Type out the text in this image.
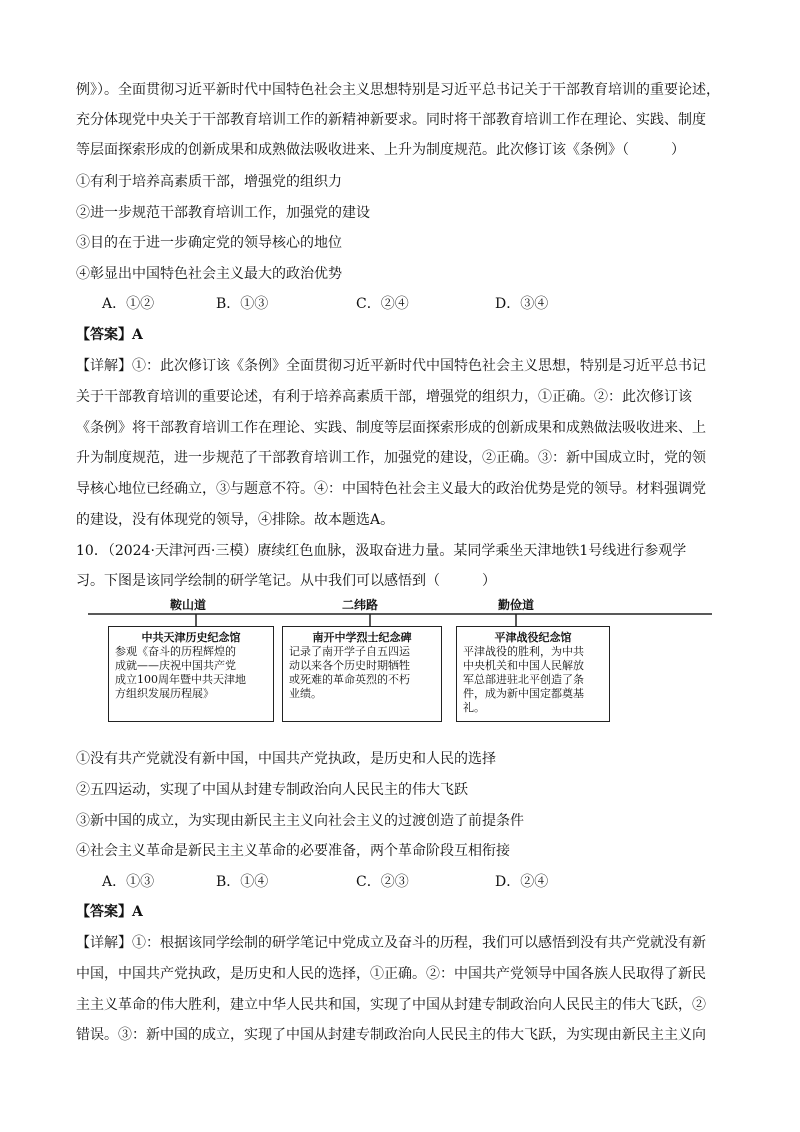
例》）。全面贯彻习近平新时代中国特色社会主义思想特别是习近平总书记关于干部教育培训的重要论述，
充分体现党中央关于干部教育培训工作的新精神新要求。同时将干部教育培训工作在理论、实践、制度
等层面探索形成的创新成果和成熟做法吸收进来、上升为制度规范。此次修订该《条例》（　　　）
①有利于培养高素质干部，增强党的组织力
②进一步规范干部教育培训工作，加强党的建设
③目的在于进一步确定党的领导核心的地位
④彰显出中国特色社会主义最大的政治优势
A．①②	B．①③	C．②④	D．③④
【答案】A
【详解】①：此次修订该《条例》全面贯彻习近平新时代中国特色社会主义思想，特别是习近平总书记
关于干部教育培训的重要论述，有利于培养高素质干部，增强党的组织力，①正确。②：此次修订该
《条例》将干部教育培训工作在理论、实践、制度等层面探索形成的创新成果和成熟做法吸收进来、上
升为制度规范，进一步规范了干部教育培训工作，加强党的建设，②正确。③：新中国成立时，党的领
导核心地位已经确立，③与题意不符。④：中国特色社会主义最大的政治优势是党的领导。材料强调党
的建设，没有体现党的领导，④排除。故本题选A。
10．（2024·天津河西·三模）赓续红色血脉，汲取奋进力量。某同学乘坐天津地铁1号线进行参观学
习。下图是该同学绘制的研学笔记。从中我们可以感悟到（　　　）
鞍山道	二纬路	勤俭道
中共天津历史纪念馆
参观《奋斗的历程辉煌的
成就——庆祝中国共产党
成立100周年暨中共天津地
方组织发展历程展》
南开中学烈士纪念碑
记录了南开学子自五四运
动以来各个历史时期牺牲
或死难的革命英烈的不朽
业绩。
平津战役纪念馆
平津战役的胜利，为中共
中央机关和中国人民解放
军总部进驻北平创造了条
件，成为新中国定都奠基
礼。
①没有共产党就没有新中国，中国共产党执政，是历史和人民的选择
②五四运动，实现了中国从封建专制政治向人民民主的伟大飞跃
③新中国的成立，为实现由新民主主义向社会主义的过渡创造了前提条件
④社会主义革命是新民主主义革命的必要准备，两个革命阶段互相衔接
A．①③	B．①④	C．②③	D．②④
【答案】A
【详解】①：根据该同学绘制的研学笔记中党成立及奋斗的历程，我们可以感悟到没有共产党就没有新
中国，中国共产党执政，是历史和人民的选择，①正确。②：中国共产党领导中国各族人民取得了新民
主主义革命的伟大胜利，建立中华人民共和国，实现了中国从封建专制政治向人民民主的伟大飞跃，②
错误。③：新中国的成立，实现了中国从封建专制政治向人民民主的伟大飞跃，为实现由新民主主义向
